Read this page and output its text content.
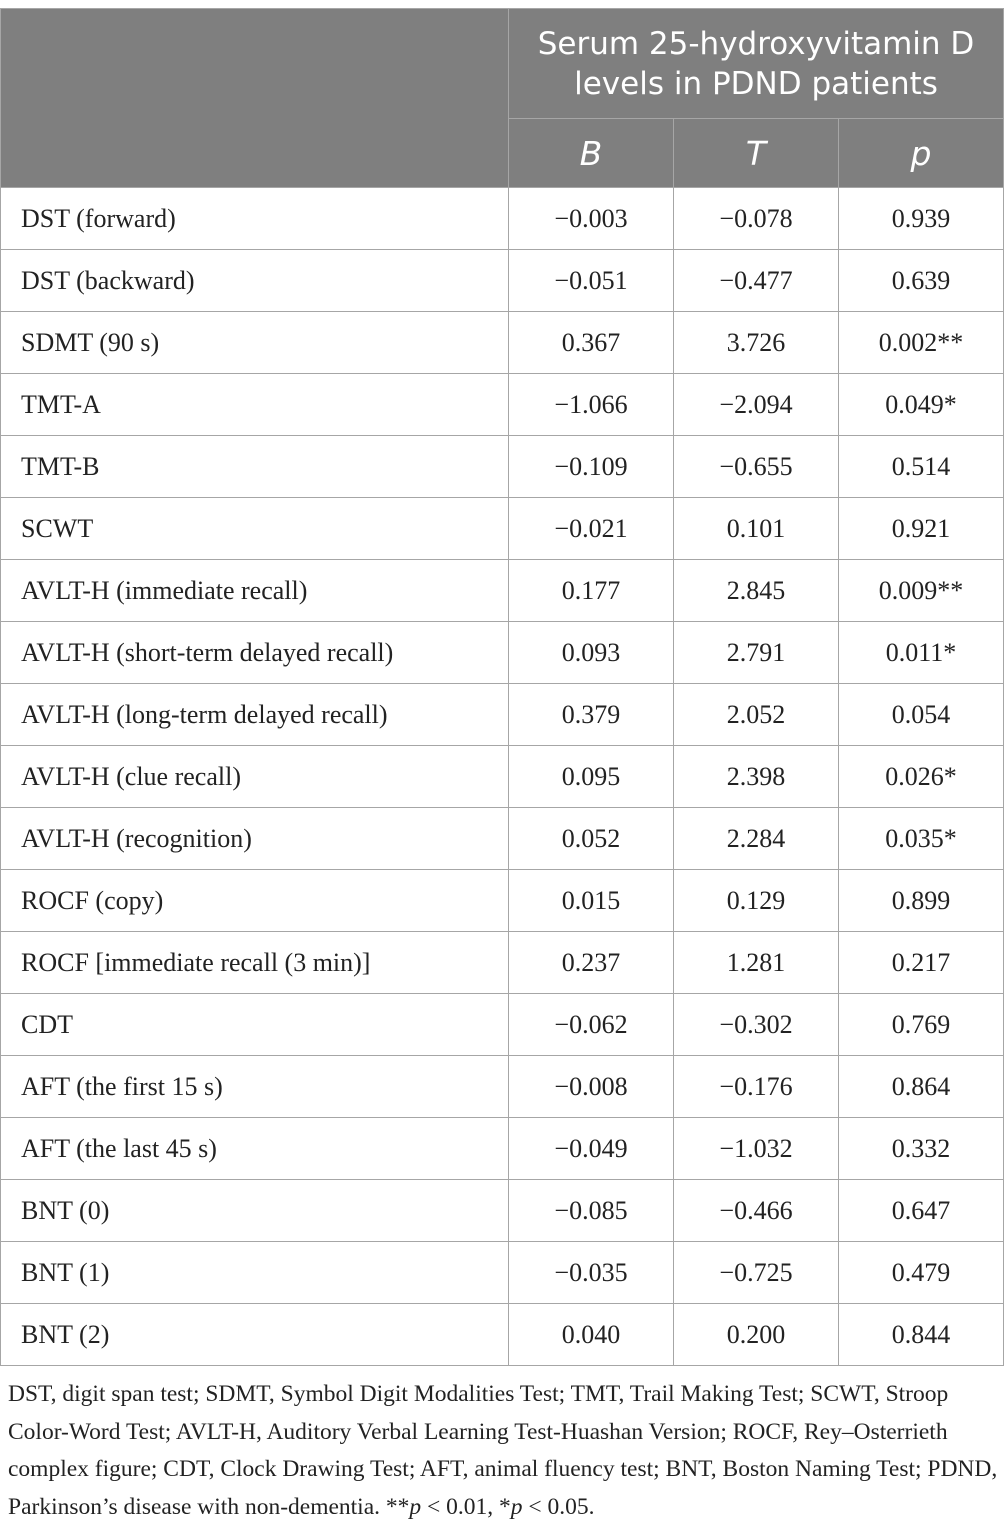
	Serum 25-hydroxyvitamin D levels in PDND patients		
	B	T	p
DST (forward)	−0.003	−0.078	0.939
DST (backward)	−0.051	−0.477	0.639
SDMT (90 s)	0.367	3.726	0.002**
TMT-A	−1.066	−2.094	0.049*
TMT-B	−0.109	−0.655	0.514
SCWT	−0.021	0.101	0.921
AVLT-H (immediate recall)	0.177	2.845	0.009**
AVLT-H (short-term delayed recall)	0.093	2.791	0.011*
AVLT-H (long-term delayed recall)	0.379	2.052	0.054
AVLT-H (clue recall)	0.095	2.398	0.026*
AVLT-H (recognition)	0.052	2.284	0.035*
ROCF (copy)	0.015	0.129	0.899
ROCF [immediate recall (3 min)]	0.237	1.281	0.217
CDT	−0.062	−0.302	0.769
AFT (the first 15 s)	−0.008	−0.176	0.864
AFT (the last 45 s)	−0.049	−1.032	0.332
BNT (0)	−0.085	−0.466	0.647
BNT (1)	−0.035	−0.725	0.479
BNT (2)	0.040	0.200	0.844
DST, digit span test; SDMT, Symbol Digit Modalities Test; TMT, Trail Making Test; SCWT, Stroop Color-Word Test; AVLT-H, Auditory Verbal Learning Test-Huashan Version; ROCF, Rey–Osterrieth complex figure; CDT, Clock Drawing Test; AFT, animal fluency test; BNT, Boston Naming Test; PDND, Parkinson’s disease with non-dementia. **p < 0.01, *p < 0.05.
